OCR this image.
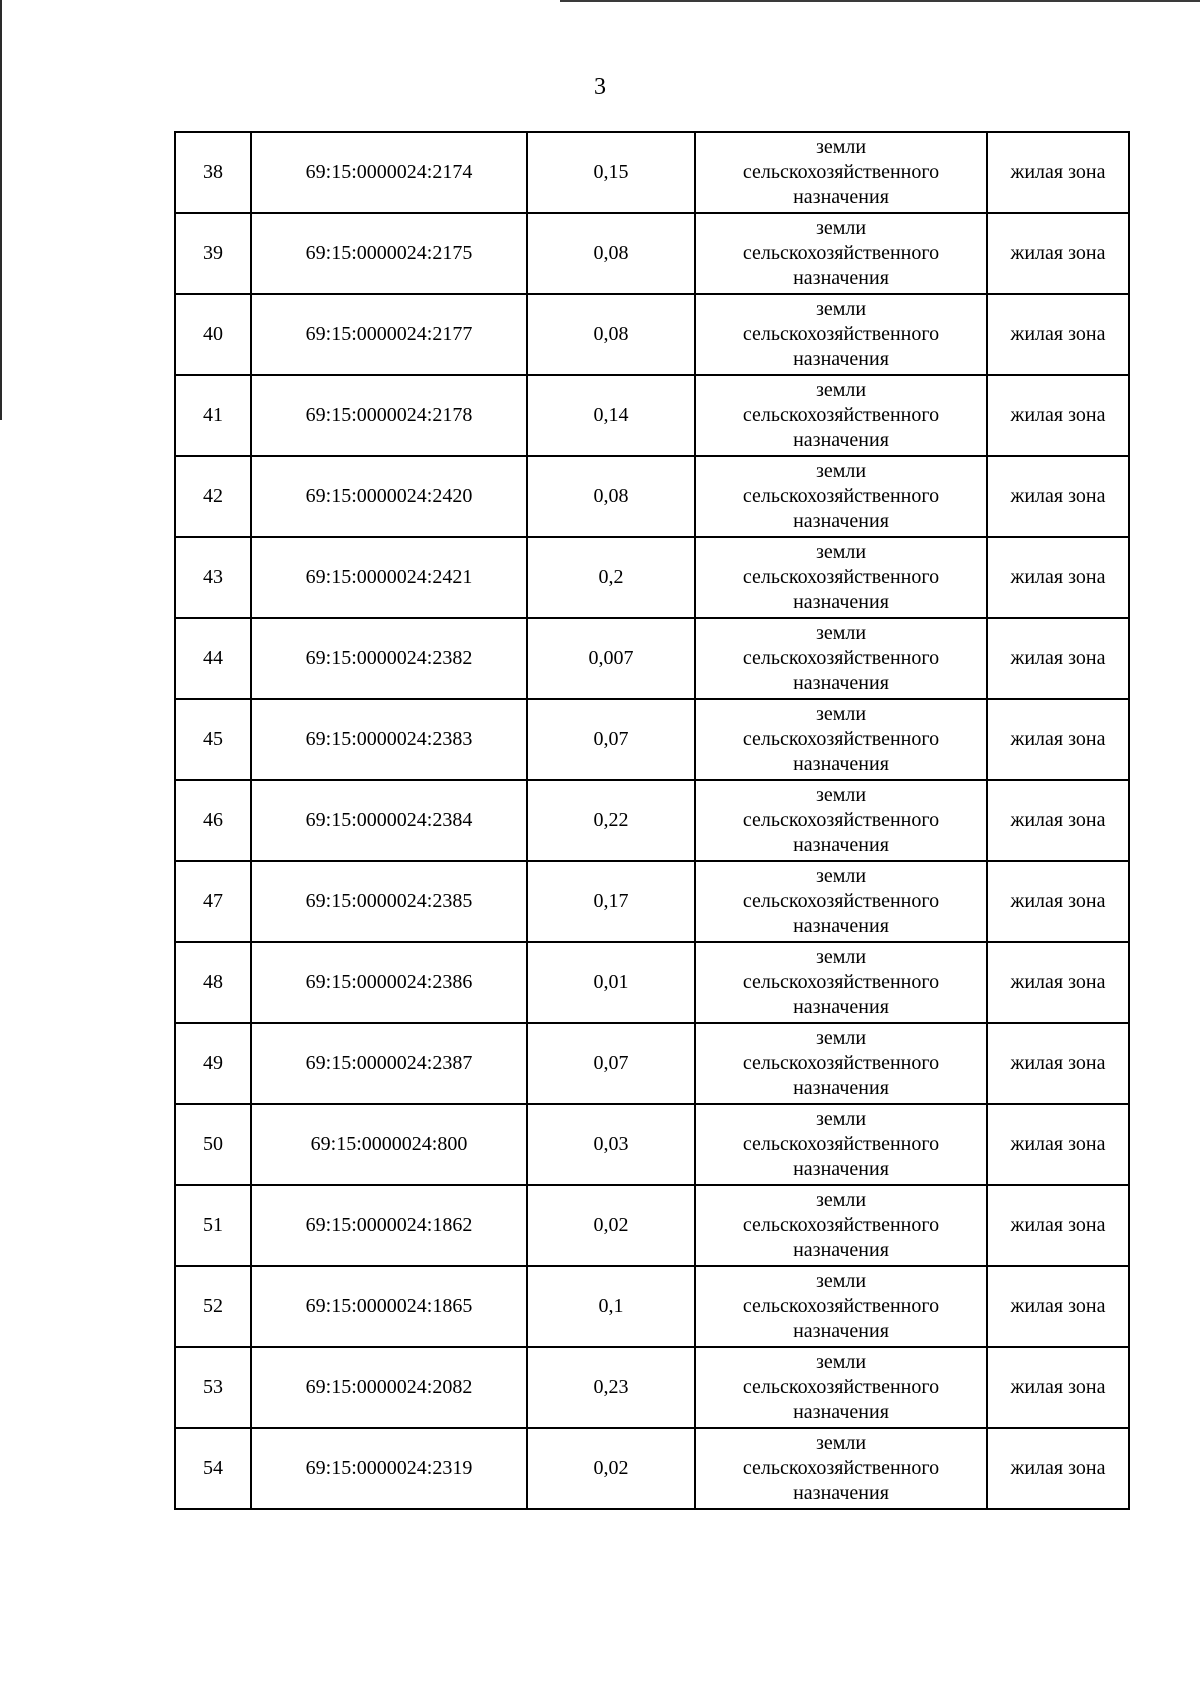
3
38	69:15:0000024:2174	0,15	земли
сельскохозяйственного
назначения	жилая зона
39	69:15:0000024:2175	0,08	земли
сельскохозяйственного
назначения	жилая зона
40	69:15:0000024:2177	0,08	земли
сельскохозяйственного
назначения	жилая зона
41	69:15:0000024:2178	0,14	земли
сельскохозяйственного
назначения	жилая зона
42	69:15:0000024:2420	0,08	земли
сельскохозяйственного
назначения	жилая зона
43	69:15:0000024:2421	0,2	земли
сельскохозяйственного
назначения	жилая зона
44	69:15:0000024:2382	0,007	земли
сельскохозяйственного
назначения	жилая зона
45	69:15:0000024:2383	0,07	земли
сельскохозяйственного
назначения	жилая зона
46	69:15:0000024:2384	0,22	земли
сельскохозяйственного
назначения	жилая зона
47	69:15:0000024:2385	0,17	земли
сельскохозяйственного
назначения	жилая зона
48	69:15:0000024:2386	0,01	земли
сельскохозяйственного
назначения	жилая зона
49	69:15:0000024:2387	0,07	земли
сельскохозяйственного
назначения	жилая зона
50	69:15:0000024:800	0,03	земли
сельскохозяйственного
назначения	жилая зона
51	69:15:0000024:1862	0,02	земли
сельскохозяйственного
назначения	жилая зона
52	69:15:0000024:1865	0,1	земли
сельскохозяйственного
назначения	жилая зона
53	69:15:0000024:2082	0,23	земли
сельскохозяйственного
назначения	жилая зона
54	69:15:0000024:2319	0,02	земли
сельскохозяйственного
назначения	жилая зона
